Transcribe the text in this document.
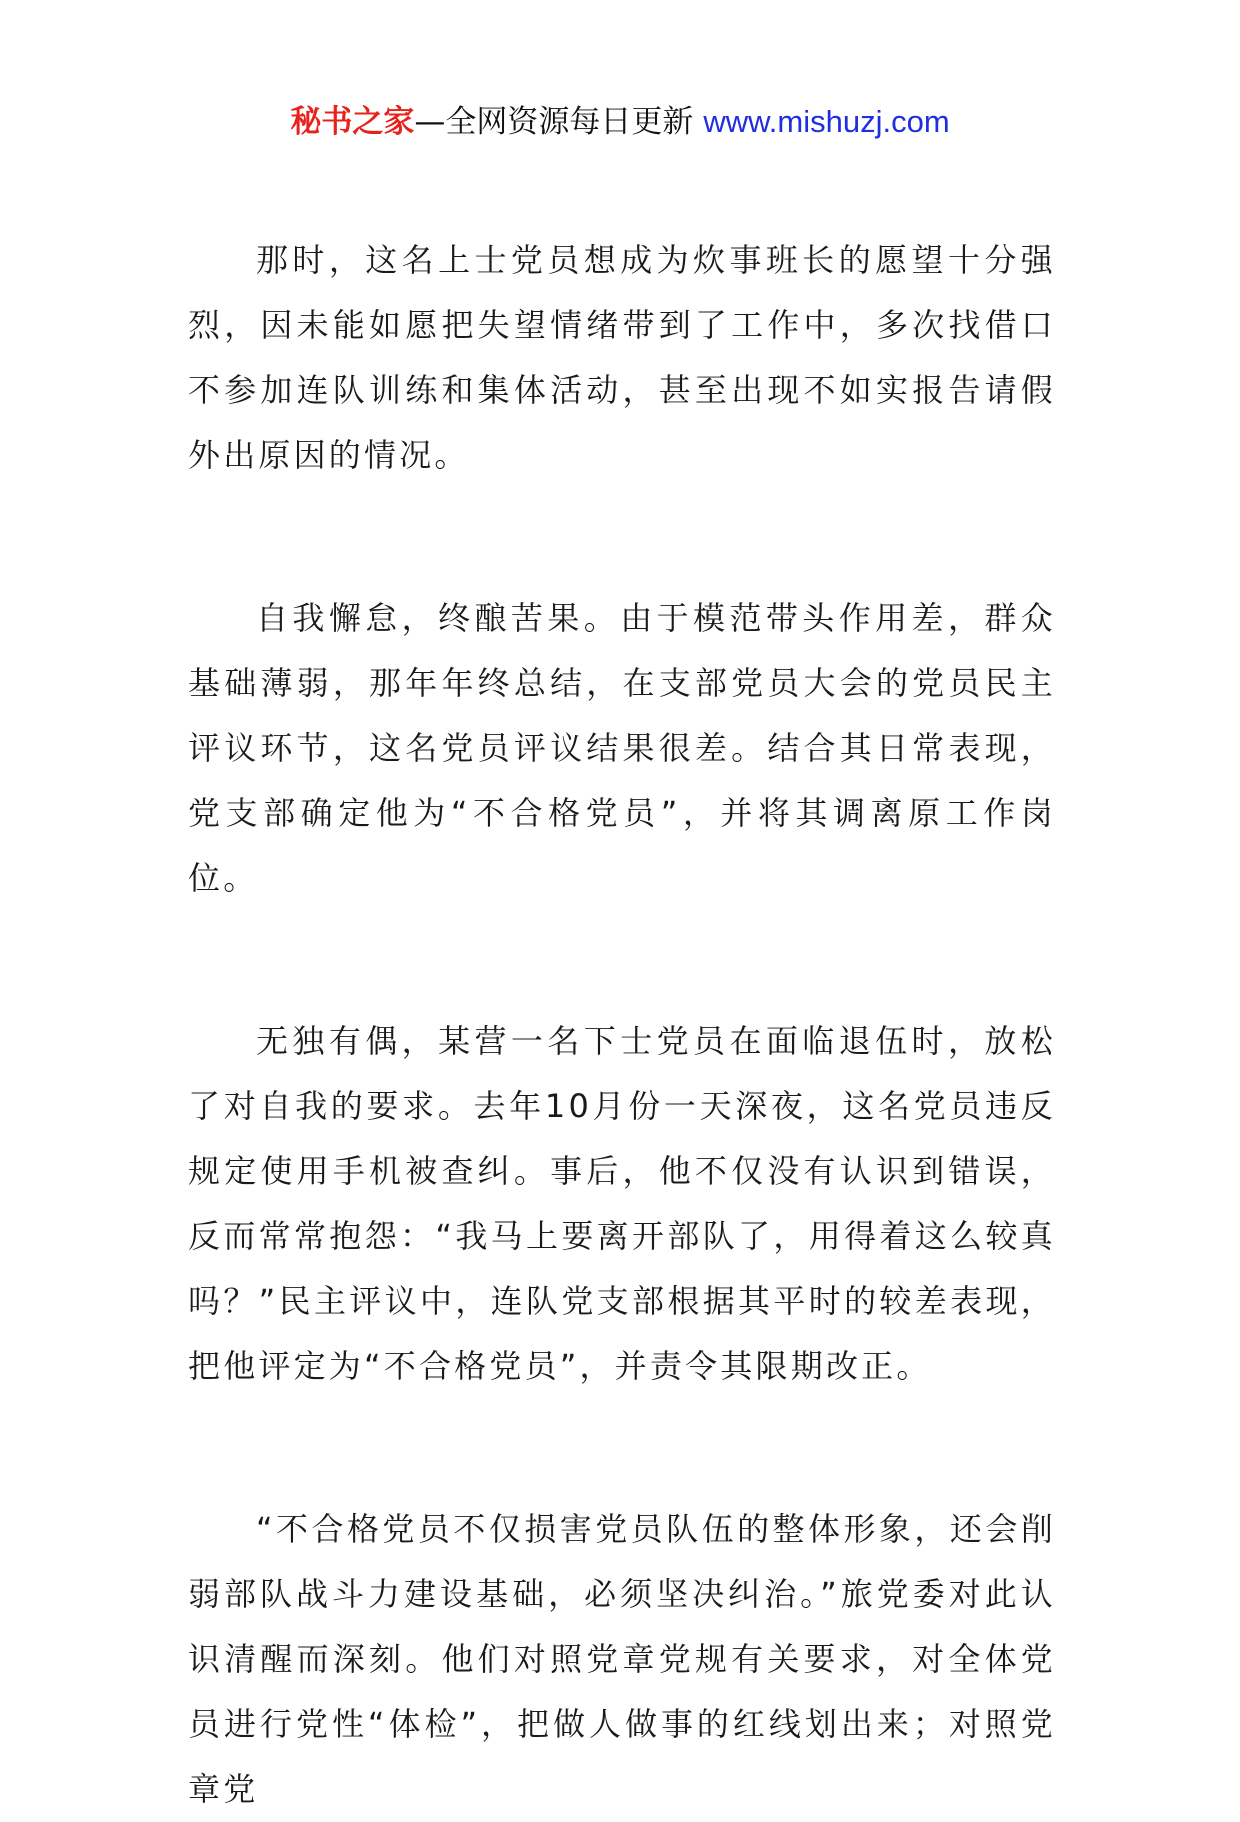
秘书之家—全网资源每日更新 www.mishuzj.com

那时，这名上士党员想成为炊事班长的愿望十分强烈，因未能如愿把失望情绪带到了工作中，多次找借口不参加连队训练和集体活动，甚至出现不如实报告请假外出原因的情况。

自我懈怠，终酿苦果。由于模范带头作用差，群众基础薄弱，那年年终总结，在支部党员大会的党员民主评议环节，这名党员评议结果很差。结合其日常表现，党支部确定他为“不合格党员”，并将其调离原工作岗位。

无独有偶，某营一名下士党员在面临退伍时，放松了对自我的要求。去年10月份一天深夜，这名党员违反规定使用手机被查纠。事后，他不仅没有认识到错误，反而常常抱怨：“我马上要离开部队了，用得着这么较真吗？”民主评议中，连队党支部根据其平时的较差表现，把他评定为“不合格党员”，并责令其限期改正。

“不合格党员不仅损害党员队伍的整体形象，还会削弱部队战斗力建设基础，必须坚决纠治。”旅党委对此认识清醒而深刻。他们对照党章党规有关要求，对全体党员进行党性“体检”，把做人做事的红线划出来；对照党章党
